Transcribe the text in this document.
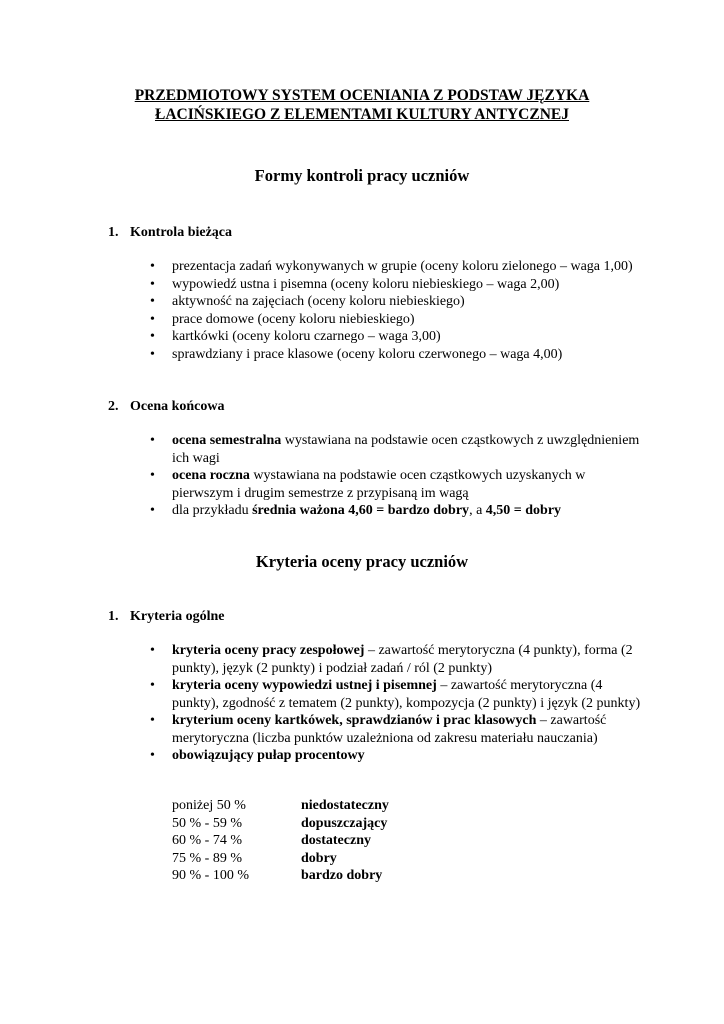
PRZEDMIOTOWY SYSTEM OCENIANIA Z PODSTAW JĘZYKA
ŁACIŃSKIEGO Z ELEMENTAMI KULTURY ANTYCZNEJ
Formy kontroli pracy uczniów
1. Kontrola bieżąca
• prezentacja zadań wykonywanych w grupie (oceny koloru zielonego – waga 1,00)
• wypowiedź ustna i pisemna (oceny koloru niebieskiego – waga 2,00)
• aktywność na zajęciach (oceny koloru niebieskiego)
• prace domowe (oceny koloru niebieskiego)
• kartkówki (oceny koloru czarnego – waga 3,00)
• sprawdziany i prace klasowe (oceny koloru czerwonego – waga 4,00)
2. Ocena końcowa
• ocena semestralna wystawiana na podstawie ocen cząstkowych z uwzględnieniem ich wagi
• ocena roczna wystawiana na podstawie ocen cząstkowych uzyskanych w pierwszym i drugim semestrze z przypisaną im wagą
• dla przykładu średnia ważona 4,60 = bardzo dobry, a 4,50 = dobry
Kryteria oceny pracy uczniów
1. Kryteria ogólne
• kryteria oceny pracy zespołowej – zawartość merytoryczna (4 punkty), forma (2 punkty), język (2 punkty) i podział zadań / ról (2 punkty)
• kryteria oceny wypowiedzi ustnej i pisemnej – zawartość merytoryczna (4 punkty), zgodność z tematem (2 punkty), kompozycja (2 punkty) i język (2 punkty)
• kryterium oceny kartkówek, sprawdzianów i prac klasowych – zawartość merytoryczna (liczba punktów uzależniona od zakresu materiału nauczania)
• obowiązujący pułap procentowy
poniżej 50 %	niedostateczny
50 % - 59 %	dopuszczający
60 % - 74 %	dostateczny
75 % - 89 %	dobry
90 % - 100 %	bardzo dobry
